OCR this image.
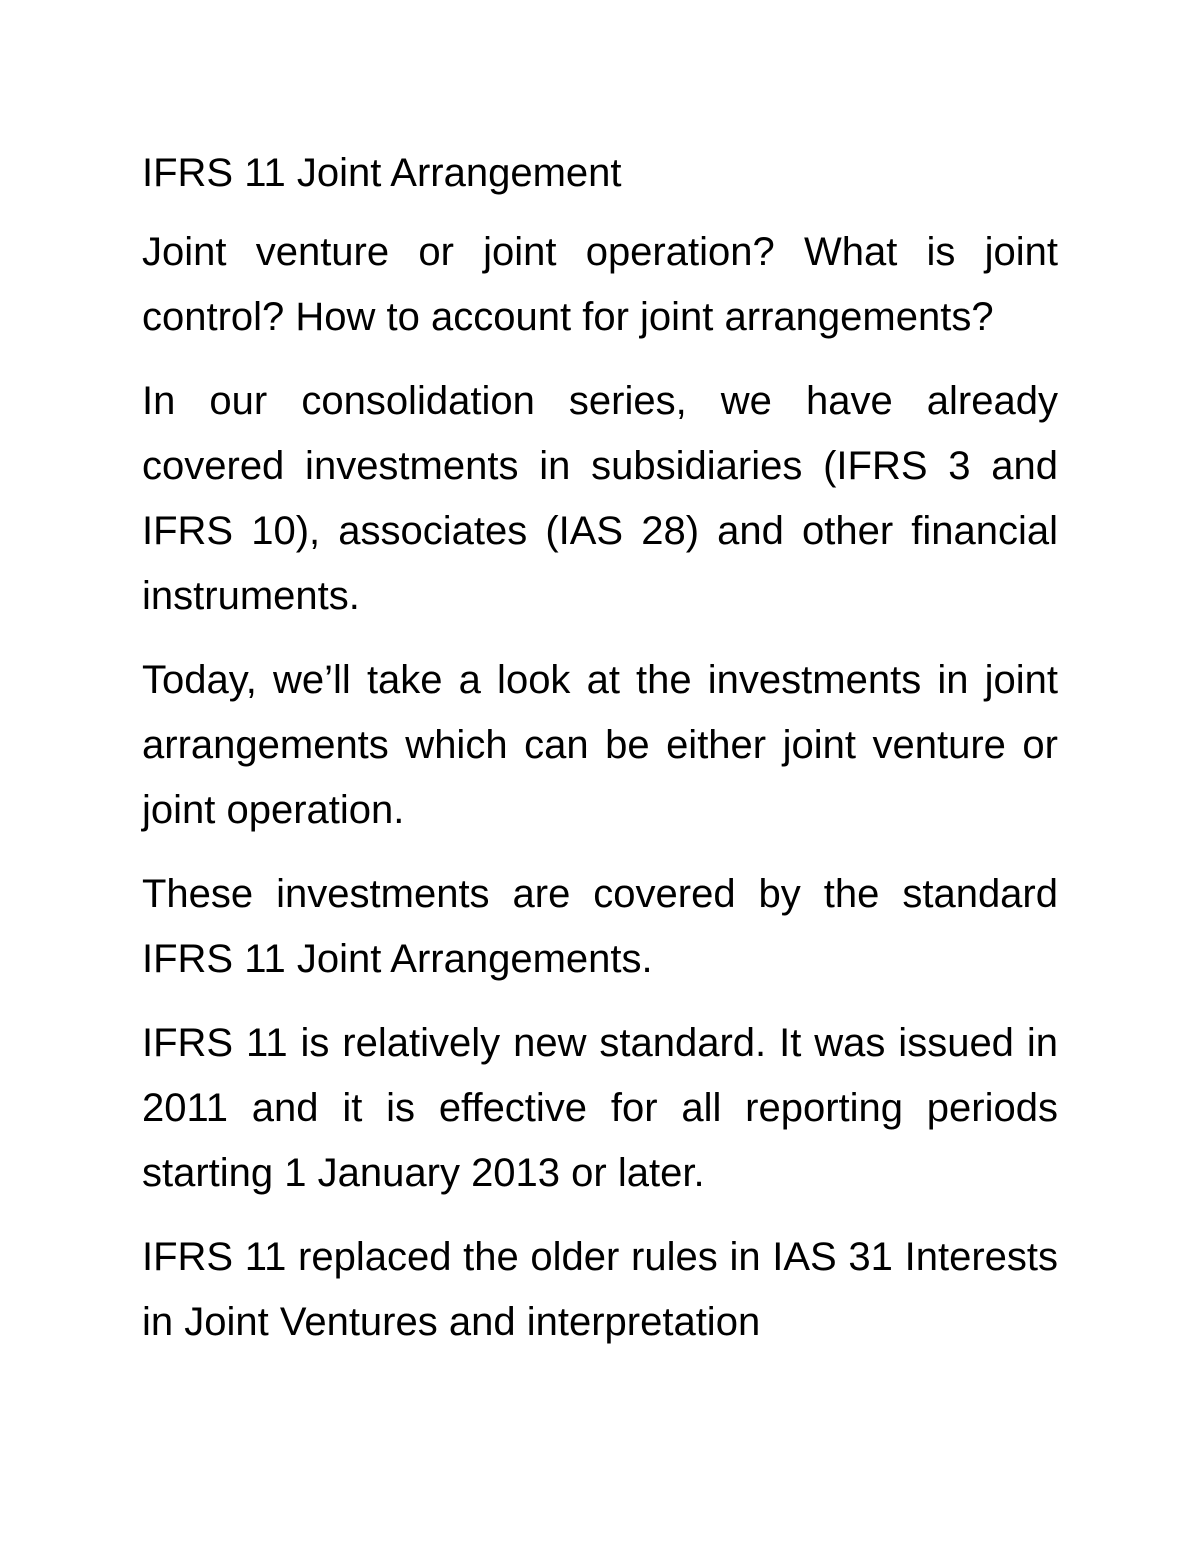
IFRS 11 Joint Arrangement

Joint venture or joint operation? What is joint control? How to account for joint arrangements?

In our consolidation series, we have already covered investments in subsidiaries (IFRS 3 and IFRS 10), associates (IAS 28) and other financial instruments.

Today, we’ll take a look at the investments in joint arrangements which can be either joint venture or joint operation.

These investments are covered by the standard IFRS 11 Joint Arrangements.

IFRS 11 is relatively new standard. It was issued in 2011 and it is effective for all reporting periods starting 1 January 2013 or later.

IFRS 11 replaced the older rules in IAS 31 Interests in Joint Ventures and interpretation
